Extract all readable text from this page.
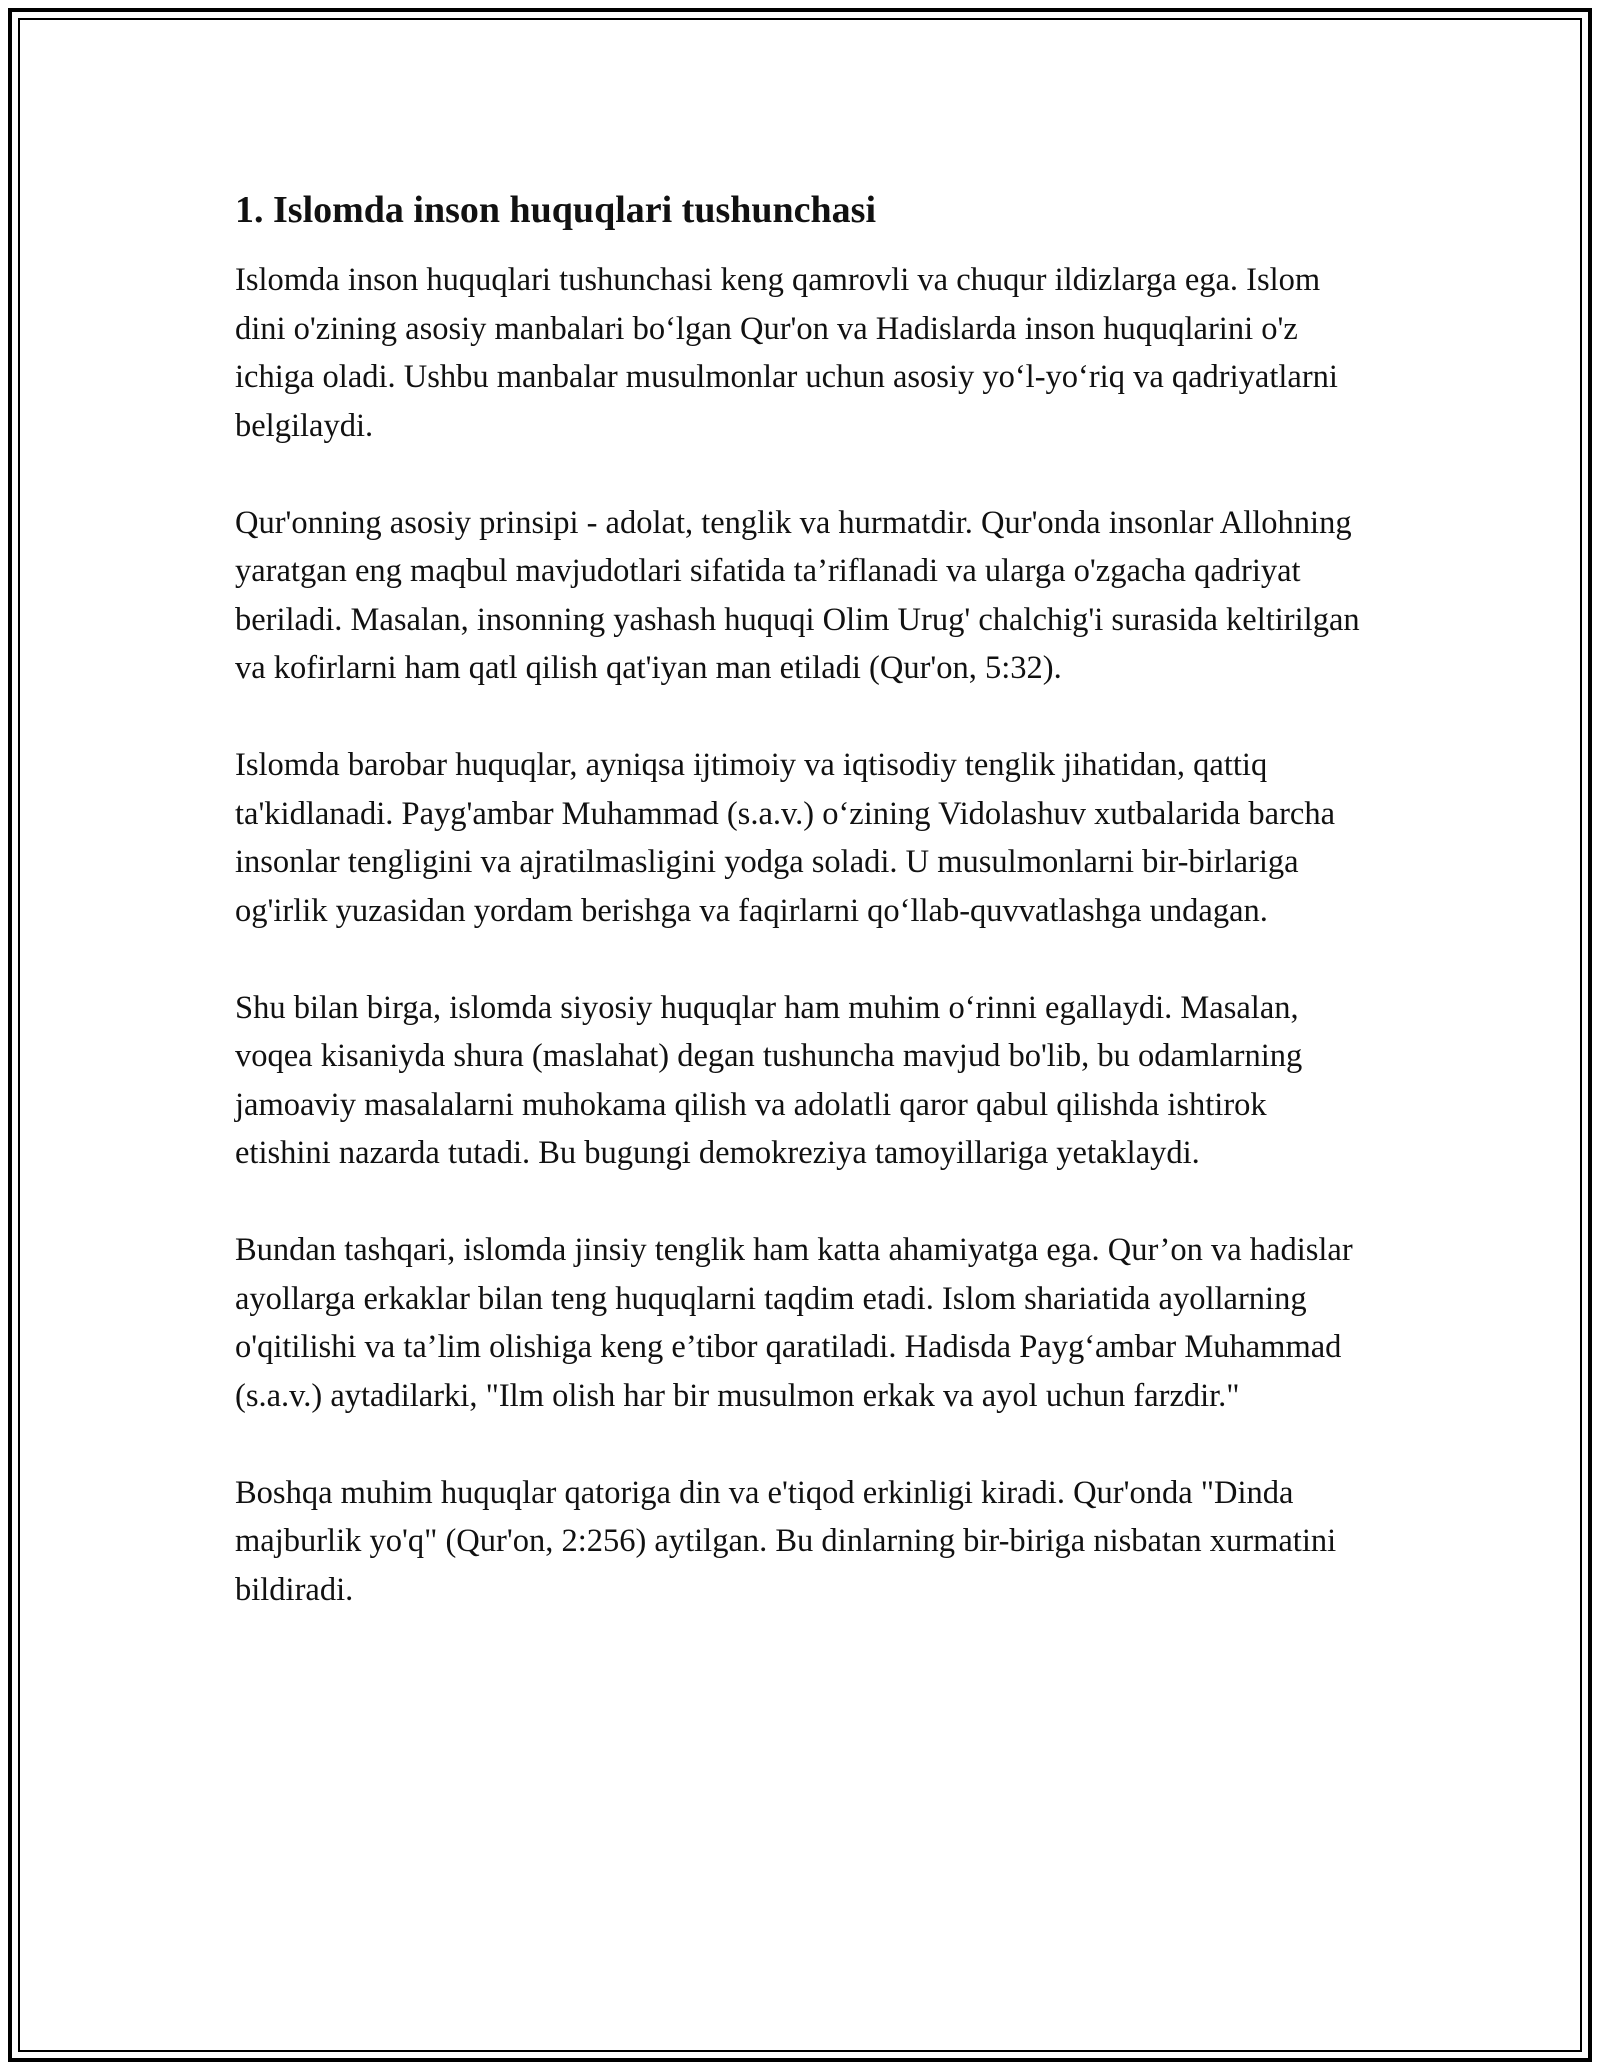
1. Islomda inson huquqlari tushunchasi

Islomda inson huquqlari tushunchasi keng qamrovli va chuqur ildizlarga ega. Islom dini o'zining asosiy manbalari bo‘lgan Qur'on va Hadislarda inson huquqlarini o'z ichiga oladi. Ushbu manbalar musulmonlar uchun asosiy yo‘l-yo‘riq va qadriyatlarni belgilaydi.

Qur'onning asosiy prinsipi - adolat, tenglik va hurmatdir. Qur'onda insonlar Allohning yaratgan eng maqbul mavjudotlari sifatida ta’riflanadi va ularga o'zgacha qadriyat beriladi. Masalan, insonning yashash huquqi Olim Urug' chalchig'i surasida keltirilgan va kofirlarni ham qatl qilish qat'iyan man etiladi (Qur'on, 5:32).

Islomda barobar huquqlar, ayniqsa ijtimoiy va iqtisodiy tenglik jihatidan, qattiq ta'kidlanadi. Payg'ambar Muhammad (s.a.v.) o‘zining Vidolashuv xutbalarida barcha insonlar tengligini va ajratilmasligini yodga soladi. U musulmonlarni bir-birlariga og'irlik yuzasidan yordam berishga va faqirlarni qo‘llab-quvvatlashga undagan.

Shu bilan birga, islomda siyosiy huquqlar ham muhim o‘rinni egallaydi. Masalan, voqea kisaniyda shura (maslahat) degan tushuncha mavjud bo'lib, bu odamlarning jamoaviy masalalarni muhokama qilish va adolatli qaror qabul qilishda ishtirok etishini nazarda tutadi. Bu bugungi demokreziya tamoyillariga yetaklaydi.

Bundan tashqari, islomda jinsiy tenglik ham katta ahamiyatga ega. Qur’on va hadislar ayollarga erkaklar bilan teng huquqlarni taqdim etadi. Islom shariatida ayollarning o'qitilishi va ta’lim olishiga keng e’tibor qaratiladi. Hadisda Payg‘ambar Muhammad (s.a.v.) aytadilarki, "Ilm olish har bir musulmon erkak va ayol uchun farzdir."

Boshqa muhim huquqlar qatoriga din va e'tiqod erkinligi kiradi. Qur'onda "Dinda majburlik yo'q" (Qur'on, 2:256) aytilgan. Bu dinlarning bir-biriga nisbatan xurmatini bildiradi.
